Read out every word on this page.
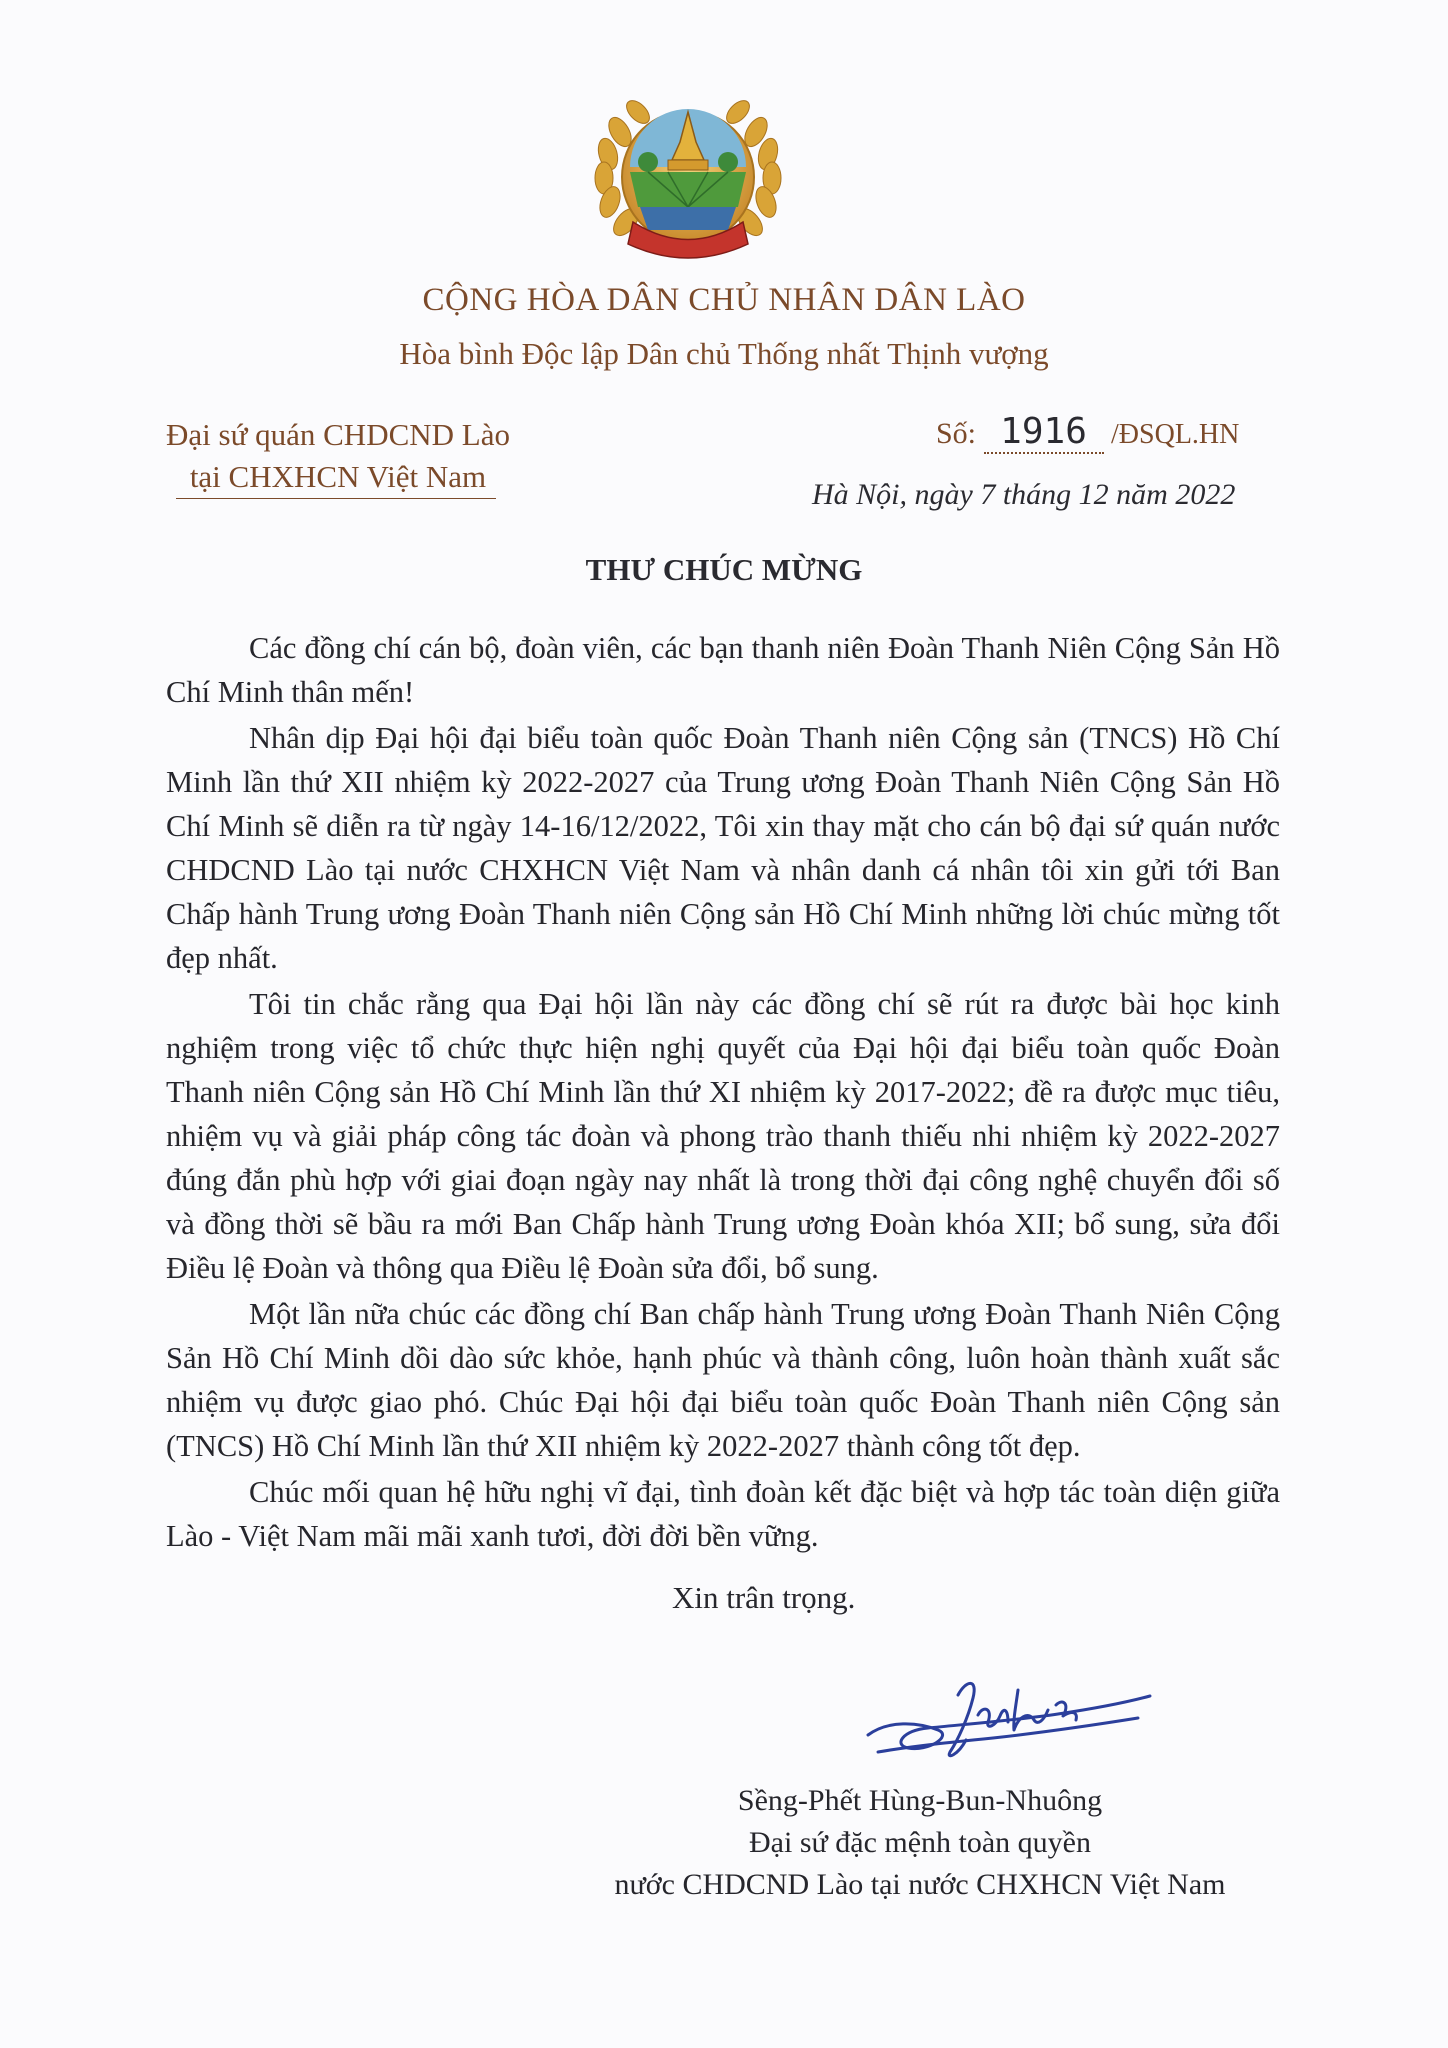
CỘNG HÒA DÂN CHỦ NHÂN DÂN LÀO
Hòa bình Độc lập Dân chủ Thống nhất Thịnh vượng
Đại sứ quán CHDCND Lào
tại CHXHCN Việt Nam
Số: 1916 /ĐSQL.HN
Hà Nội, ngày 7 tháng 12 năm 2022
THƯ CHÚC MỪNG

Các đồng chí cán bộ, đoàn viên, các bạn thanh niên Đoàn Thanh Niên Cộng Sản Hồ Chí Minh thân mến!

Nhân dịp Đại hội đại biểu toàn quốc Đoàn Thanh niên Cộng sản (TNCS) Hồ Chí Minh lần thứ XII nhiệm kỳ 2022-2027 của Trung ương Đoàn Thanh Niên Cộng Sản Hồ Chí Minh sẽ diễn ra từ ngày 14-16/12/2022, Tôi xin thay mặt cho cán bộ đại sứ quán nước CHDCND Lào tại nước CHXHCN Việt Nam và nhân danh cá nhân tôi xin gửi tới Ban Chấp hành Trung ương Đoàn Thanh niên Cộng sản Hồ Chí Minh những lời chúc mừng tốt đẹp nhất.

Tôi tin chắc rằng qua Đại hội lần này các đồng chí sẽ rút ra được bài học kinh nghiệm trong việc tổ chức thực hiện nghị quyết của Đại hội đại biểu toàn quốc Đoàn Thanh niên Cộng sản Hồ Chí Minh lần thứ XI nhiệm kỳ 2017-2022; đề ra được mục tiêu, nhiệm vụ và giải pháp công tác đoàn và phong trào thanh thiếu nhi nhiệm kỳ 2022-2027 đúng đắn phù hợp với giai đoạn ngày nay nhất là trong thời đại công nghệ chuyển đổi số và đồng thời sẽ bầu ra mới Ban Chấp hành Trung ương Đoàn khóa XII; bổ sung, sửa đổi Điều lệ Đoàn và thông qua Điều lệ Đoàn sửa đổi, bổ sung.

Một lần nữa chúc các đồng chí Ban chấp hành Trung ương Đoàn Thanh Niên Cộng Sản Hồ Chí Minh dồi dào sức khỏe, hạnh phúc và thành công, luôn hoàn thành xuất sắc nhiệm vụ được giao phó. Chúc Đại hội đại biểu toàn quốc Đoàn Thanh niên Cộng sản (TNCS) Hồ Chí Minh lần thứ XII nhiệm kỳ 2022-2027 thành công tốt đẹp.

Chúc mối quan hệ hữu nghị vĩ đại, tình đoàn kết đặc biệt và hợp tác toàn diện giữa Lào - Việt Nam mãi mãi xanh tươi, đời đời bền vững.

Xin trân trọng.
Sềng-Phết Hùng-Bun-Nhuông
Đại sứ đặc mệnh toàn quyền
nước CHDCND Lào tại nước CHXHCN Việt Nam
